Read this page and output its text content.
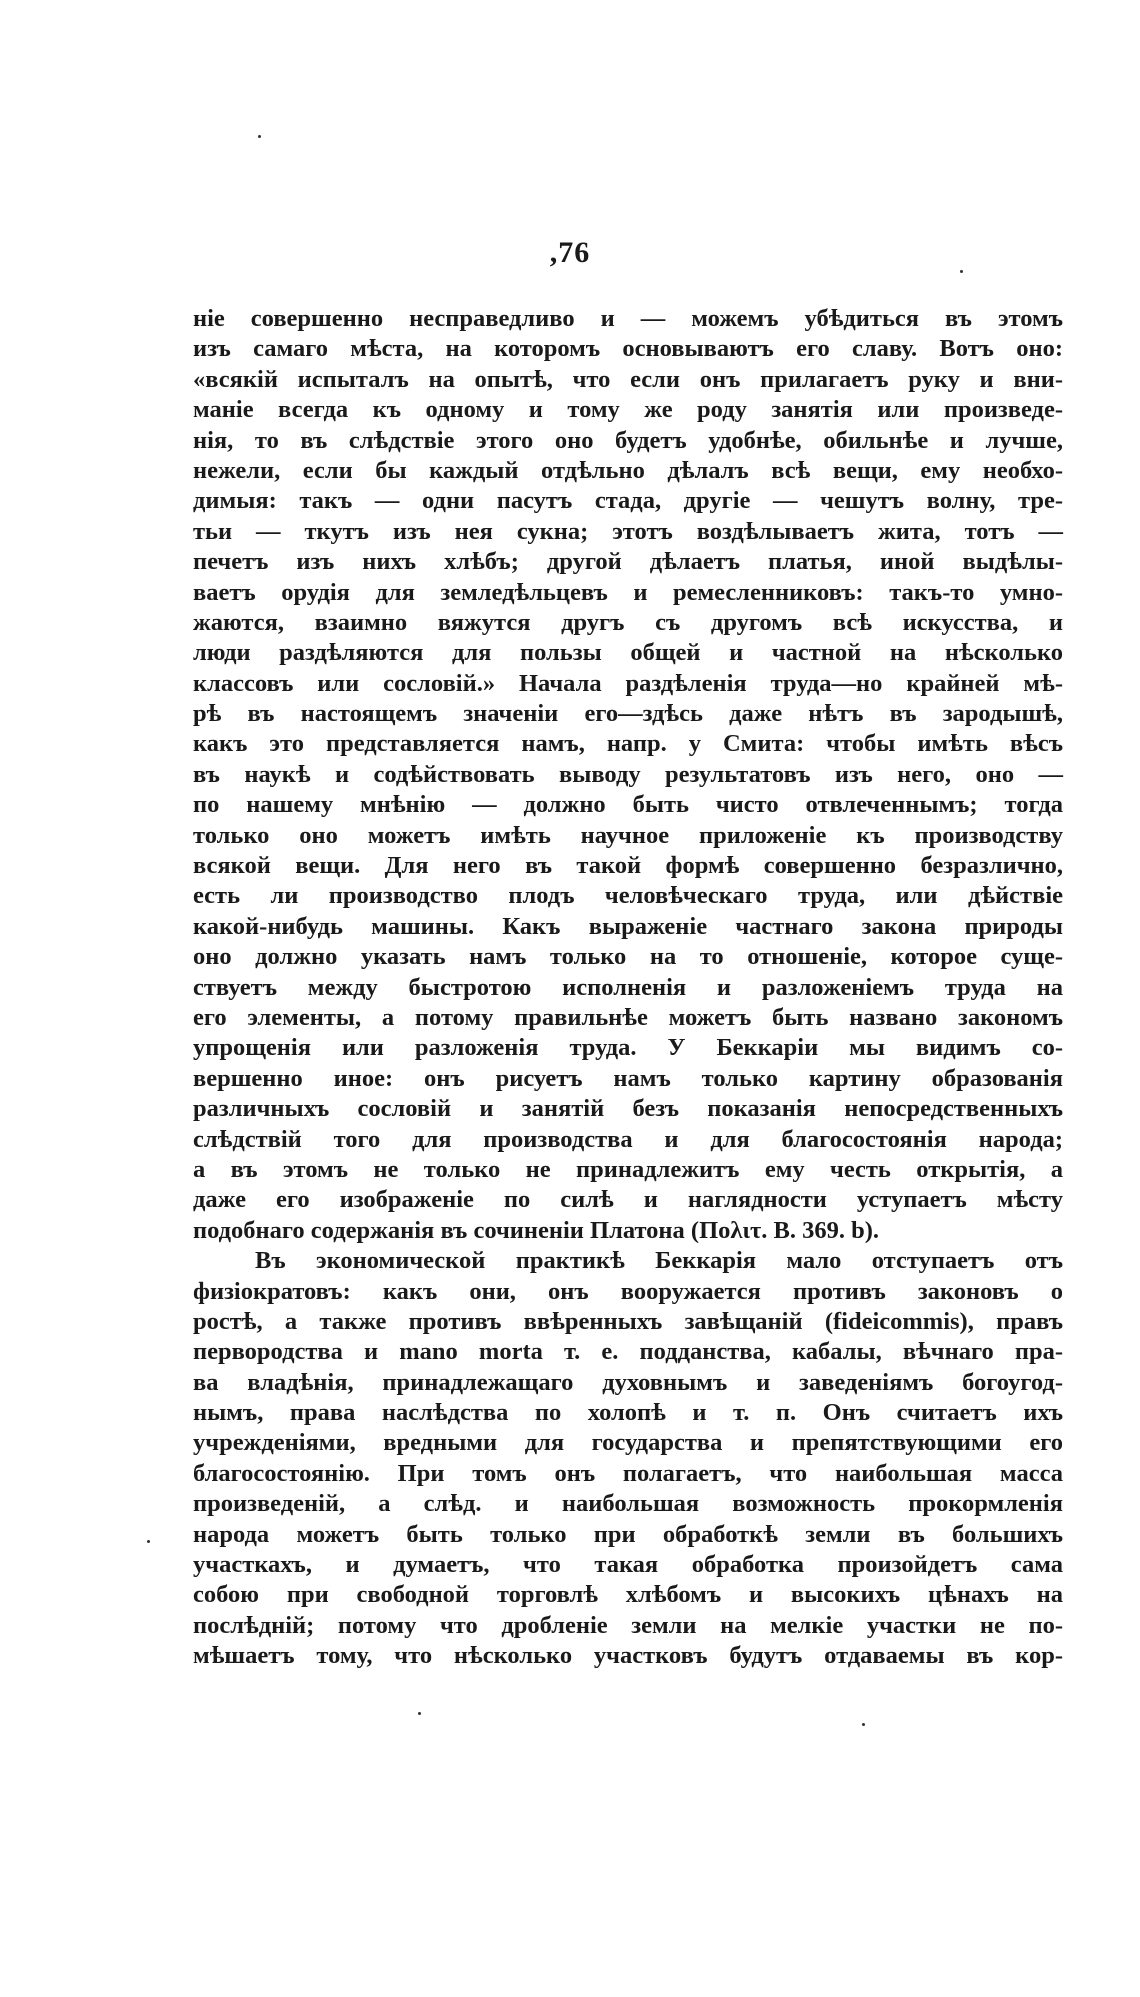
,76
ніе совершенно несправедливо и — можемъ убѣдиться въ этомъ
изъ самаго мѣста, на которомъ основываютъ его славу. Вотъ оно:
«всякій испыталъ на опытѣ, что если онъ прилагаетъ руку и вни-
маніе всегда къ одному и тому же роду занятія или произведе-
нія, то въ слѣдствіе этого оно будетъ удобнѣе, обильнѣе и лучше,
нежели, если бы каждый отдѣльно дѣлалъ всѣ вещи, ему необхо-
димыя: такъ — одни пасутъ стада, другіе — чешутъ волну, тре-
тьи — ткутъ изъ нея сукна; этотъ воздѣлываетъ жита, тотъ —
печетъ изъ нихъ хлѣбъ; другой дѣлаетъ платья, иной выдѣлы-
ваетъ орудія для земледѣльцевъ и ремесленниковъ: такъ-то умно-
жаются, взаимно вяжутся другъ съ другомъ всѣ искусства, и
люди раздѣляются для пользы общей и частной на нѣсколько
классовъ или сословій.» Начала раздѣленія труда—но крайней мѣ-
рѣ въ настоящемъ значеніи его—здѣсь даже нѣтъ въ зародышѣ,
какъ это представляется намъ, напр. у Смита: чтобы имѣть вѣсъ
въ наукѣ и содѣйствовать выводу результатовъ изъ него, оно —
по нашему мнѣнію — должно быть чисто отвлеченнымъ; тогда
только оно можетъ имѣть научное приложеніе къ производству
всякой вещи. Для него въ такой формѣ совершенно безразлично,
есть ли производство плодъ человѣческаго труда, или дѣйствіе
какой-нибудь машины. Какъ выраженіе частнаго закона природы
оно должно указать намъ только на то отношеніе, которое суще-
ствуетъ между быстротою исполненія и разложеніемъ труда на
его элементы, а потому правильнѣе можетъ быть названо закономъ
упрощенія или разложенія труда. У Беккаріи мы видимъ со-
вершенно иное: онъ рисуетъ намъ только картину образованія
различныхъ сословій и занятій безъ показанія непосредственныхъ
слѣдствій того для производства и для благосостоянія народа;
а въ этомъ не только не принадлежитъ ему честь открытія, а
даже его изображеніе по силѣ и наглядности уступаетъ мѣсту
подобнаго содержанія въ сочиненіи Платона (Πολιτ. Β. 369. b).
Въ экономической практикѣ Беккарія мало отступаетъ отъ
физіократовъ: какъ они, онъ вооружается противъ законовъ о
ростѣ, а также противъ ввѣренныхъ завѣщаній (fideicommis), правъ
первородства и mano morta т. е. подданства, кабалы, вѣчнаго пра-
ва владѣнія, принадлежащаго духовнымъ и заведеніямъ богоугод-
нымъ, права наслѣдства по холопѣ и т. п. Онъ считаетъ ихъ
учрежденіями, вредными для государства и препятствующими его
благосостоянію. При томъ онъ полагаетъ, что наибольшая масса
произведеній, а слѣд. и наибольшая возможность прокормленія
народа можетъ быть только при обработкѣ земли въ большихъ
участкахъ, и думаетъ, что такая обработка произойдетъ сама
собою при свободной торговлѣ хлѣбомъ и высокихъ цѣнахъ на
послѣдній; потому что дробленіе земли на мелкіе участки не по-
мѣшаетъ тому, что нѣсколько участковъ будутъ отдаваемы въ кор-
